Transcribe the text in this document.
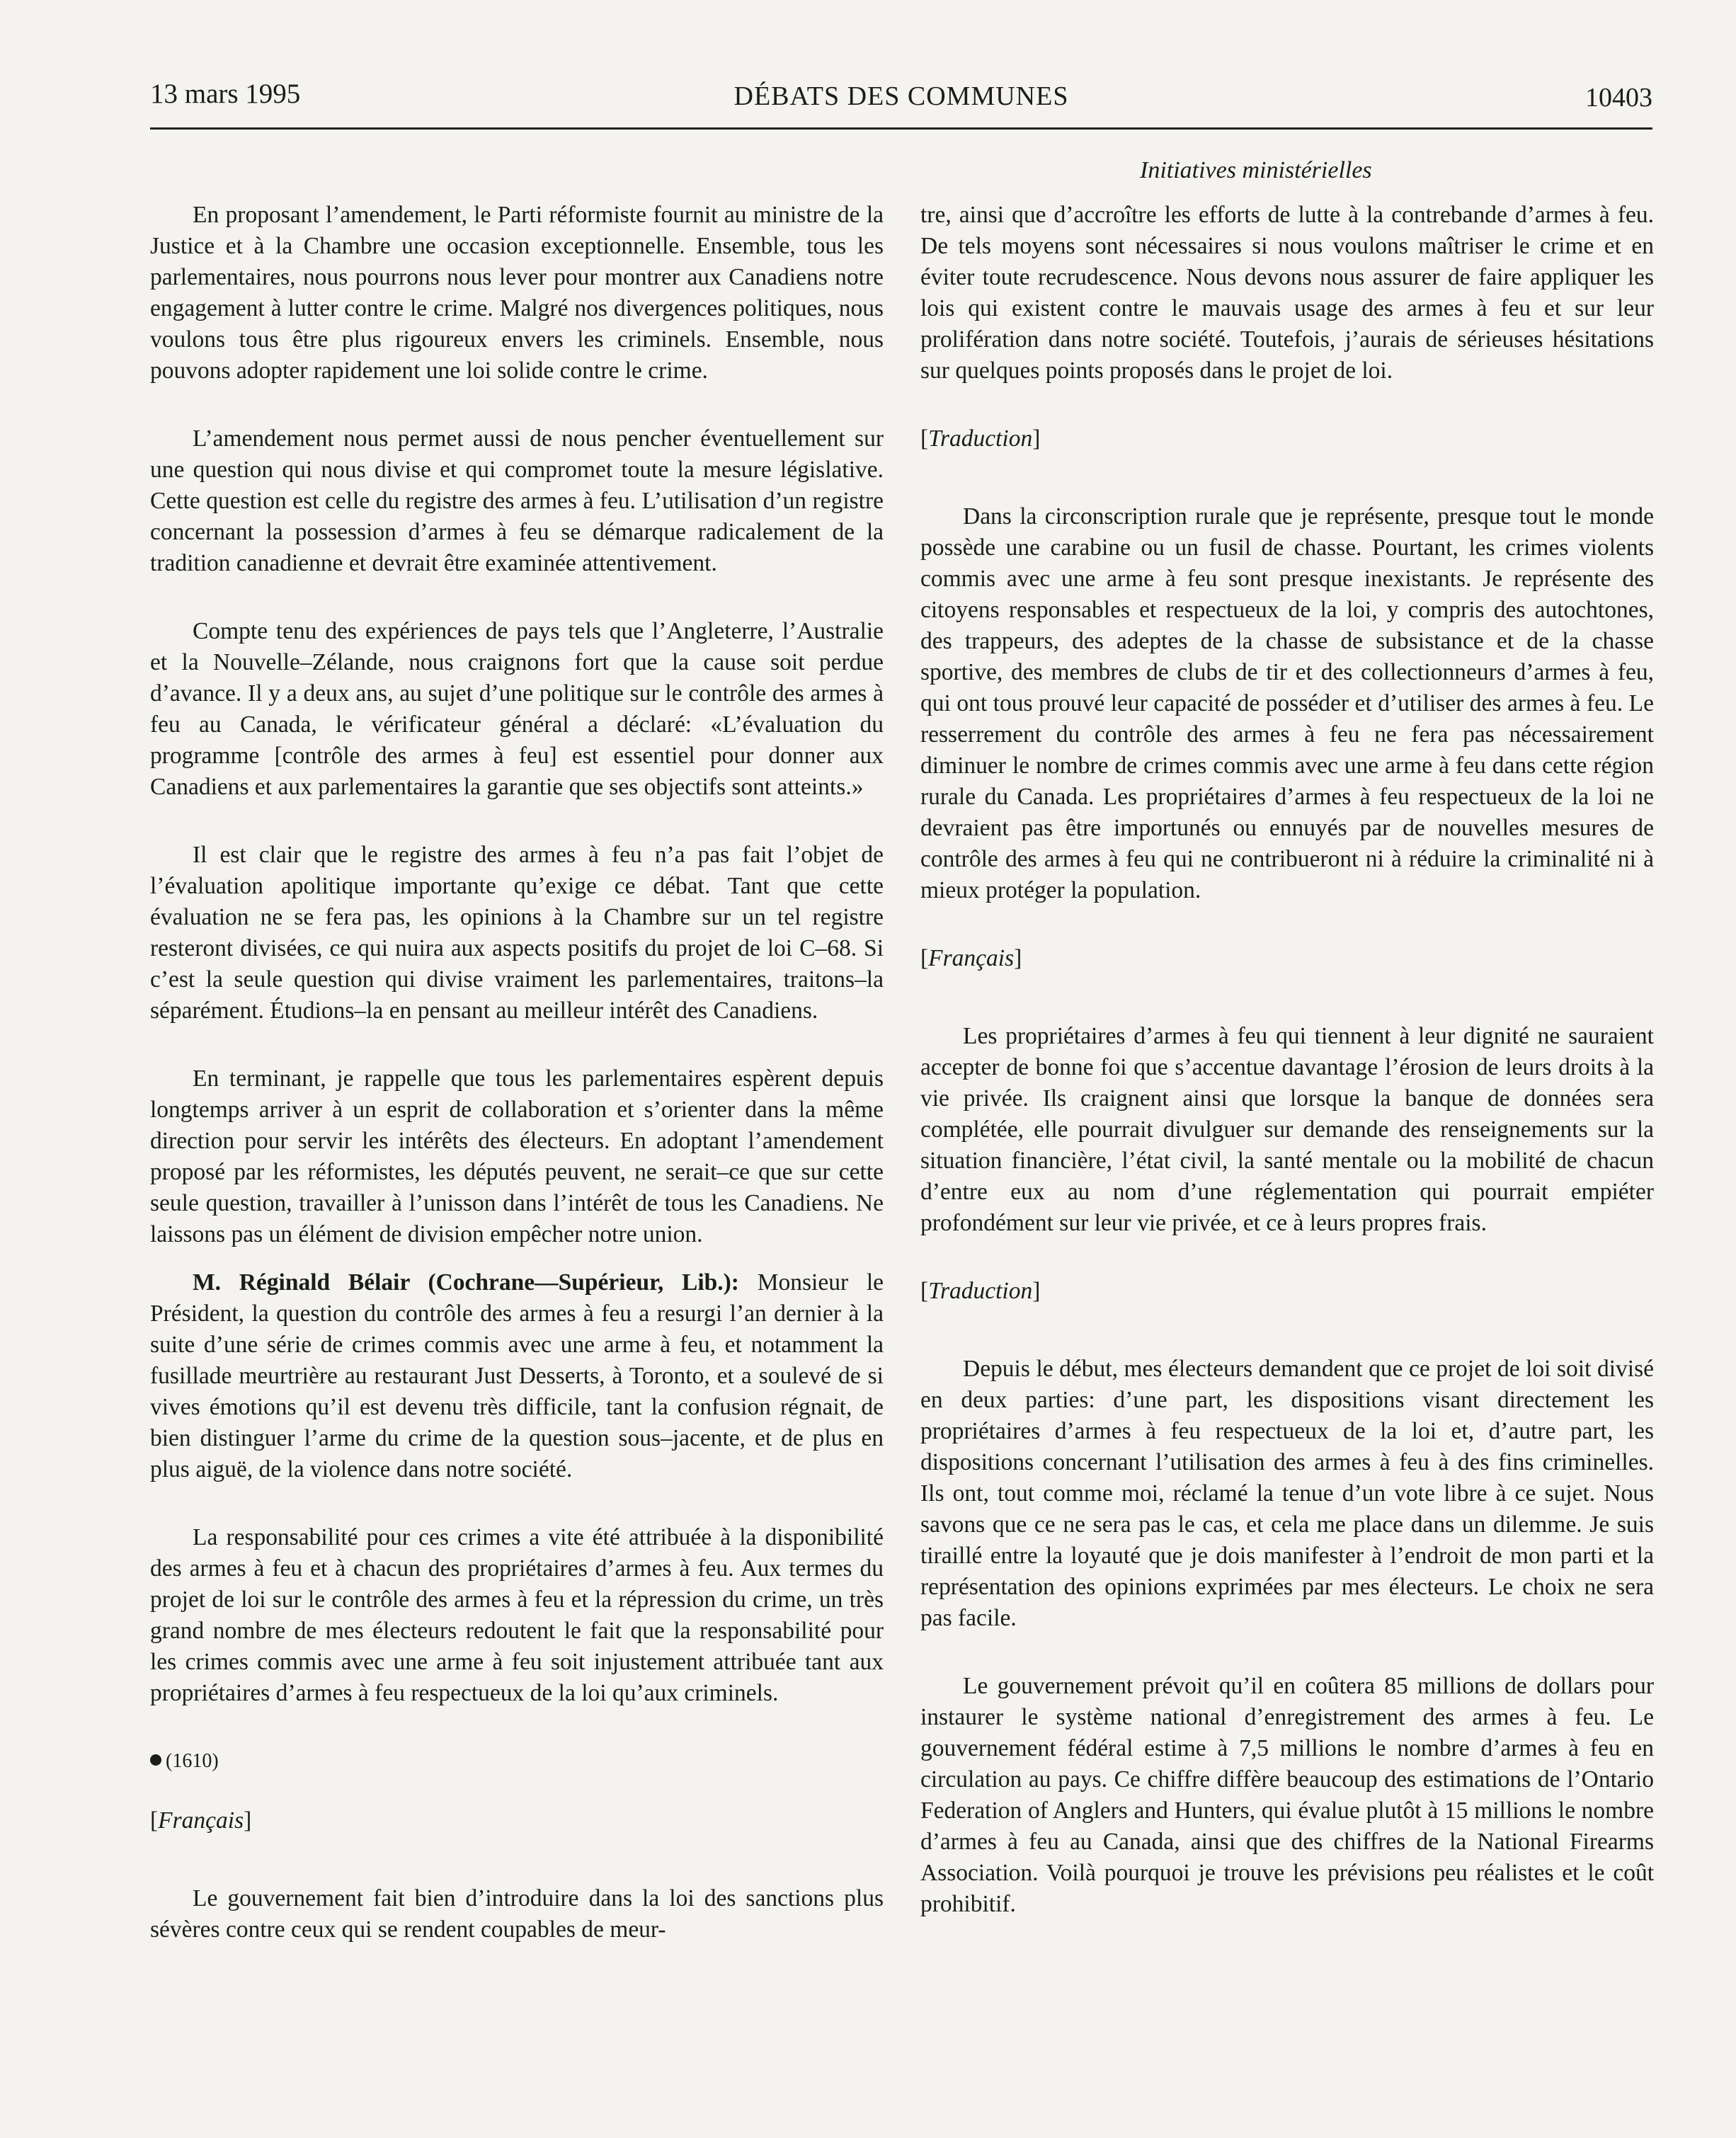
13 mars 1995	DÉBATS DES COMMUNES	10403
Initiatives ministérielles

En proposant l’amendement, le Parti réformiste fournit au ministre de la Justice et à la Chambre une occasion exceptionnelle. Ensemble, tous les parlementaires, nous pourrons nous lever pour montrer aux Canadiens notre engagement à lutter contre le crime. Malgré nos divergences politiques, nous voulons tous être plus rigoureux envers les criminels. Ensemble, nous pouvons adopter rapidement une loi solide contre le crime.

L’amendement nous permet aussi de nous pencher éventuellement sur une question qui nous divise et qui compromet toute la mesure législative. Cette question est celle du registre des armes à feu. L’utilisation d’un registre concernant la possession d’armes à feu se démarque radicalement de la tradition canadienne et devrait être examinée attentivement.

Compte tenu des expériences de pays tels que l’Angleterre, l’Australie et la Nouvelle–Zélande, nous craignons fort que la cause soit perdue d’avance. Il y a deux ans, au sujet d’une politique sur le contrôle des armes à feu au Canada, le vérificateur général a déclaré: «L’évaluation du programme [contrôle des armes à feu] est essentiel pour donner aux Canadiens et aux parlementaires la garantie que ses objectifs sont atteints.»

Il est clair que le registre des armes à feu n’a pas fait l’objet de l’évaluation apolitique importante qu’exige ce débat. Tant que cette évaluation ne se fera pas, les opinions à la Chambre sur un tel registre resteront divisées, ce qui nuira aux aspects positifs du projet de loi C–68. Si c’est la seule question qui divise vraiment les parlementaires, traitons–la séparément. Étudions–la en pensant au meilleur intérêt des Canadiens.

En terminant, je rappelle que tous les parlementaires espèrent depuis longtemps arriver à un esprit de collaboration et s’orienter dans la même direction pour servir les intérêts des électeurs. En adoptant l’amendement proposé par les réformistes, les députés peuvent, ne serait–ce que sur cette seule question, travailler à l’unisson dans l’intérêt de tous les Canadiens. Ne laissons pas un élément de division empêcher notre union.

M. Réginald Bélair (Cochrane—Supérieur, Lib.): Monsieur le Président, la question du contrôle des armes à feu a resurgi l’an dernier à la suite d’une série de crimes commis avec une arme à feu, et notamment la fusillade meurtrière au restaurant Just Desserts, à Toronto, et a soulevé de si vives émotions qu’il est devenu très difficile, tant la confusion régnait, de bien distinguer l’arme du crime de la question sous–jacente, et de plus en plus aiguë, de la violence dans notre société.

La responsabilité pour ces crimes a vite été attribuée à la disponibilité des armes à feu et à chacun des propriétaires d’armes à feu. Aux termes du projet de loi sur le contrôle des armes à feu et la répression du crime, un très grand nombre de mes électeurs redoutent le fait que la responsabilité pour les crimes commis avec une arme à feu soit injustement attribuée tant aux propriétaires d’armes à feu respectueux de la loi qu’aux criminels.

(1610)
[Français]

Le gouvernement fait bien d’introduire dans la loi des sanctions plus sévères contre ceux qui se rendent coupables de meur-

tre, ainsi que d’accroître les efforts de lutte à la contrebande d’armes à feu. De tels moyens sont nécessaires si nous voulons maîtriser le crime et en éviter toute recrudescence. Nous devons nous assurer de faire appliquer les lois qui existent contre le mauvais usage des armes à feu et sur leur prolifération dans notre société. Toutefois, j’aurais de sérieuses hésitations sur quelques points proposés dans le projet de loi.

[Traduction]

Dans la circonscription rurale que je représente, presque tout le monde possède une carabine ou un fusil de chasse. Pourtant, les crimes violents commis avec une arme à feu sont presque inexistants. Je représente des citoyens responsables et respectueux de la loi, y compris des autochtones, des trappeurs, des adeptes de la chasse de subsistance et de la chasse sportive, des membres de clubs de tir et des collectionneurs d’armes à feu, qui ont tous prouvé leur capacité de posséder et d’utiliser des armes à feu. Le resserrement du contrôle des armes à feu ne fera pas nécessairement diminuer le nombre de crimes commis avec une arme à feu dans cette région rurale du Canada. Les propriétaires d’armes à feu respectueux de la loi ne devraient pas être importunés ou ennuyés par de nouvelles mesures de contrôle des armes à feu qui ne contribueront ni à réduire la criminalité ni à mieux protéger la population.

[Français]

Les propriétaires d’armes à feu qui tiennent à leur dignité ne sauraient accepter de bonne foi que s’accentue davantage l’érosion de leurs droits à la vie privée. Ils craignent ainsi que lorsque la banque de données sera complétée, elle pourrait divulguer sur demande des renseignements sur la situation financière, l’état civil, la santé mentale ou la mobilité de chacun d’entre eux au nom d’une réglementation qui pourrait empiéter profondément sur leur vie privée, et ce à leurs propres frais.

[Traduction]

Depuis le début, mes électeurs demandent que ce projet de loi soit divisé en deux parties: d’une part, les dispositions visant directement les propriétaires d’armes à feu respectueux de la loi et, d’autre part, les dispositions concernant l’utilisation des armes à feu à des fins criminelles. Ils ont, tout comme moi, réclamé la tenue d’un vote libre à ce sujet. Nous savons que ce ne sera pas le cas, et cela me place dans un dilemme. Je suis tiraillé entre la loyauté que je dois manifester à l’endroit de mon parti et la représentation des opinions exprimées par mes électeurs. Le choix ne sera pas facile.

Le gouvernement prévoit qu’il en coûtera 85 millions de dollars pour instaurer le système national d’enregistrement des armes à feu. Le gouvernement fédéral estime à 7,5 millions le nombre d’armes à feu en circulation au pays. Ce chiffre diffère beaucoup des estimations de l’Ontario Federation of Anglers and Hunters, qui évalue plutôt à 15 millions le nombre d’armes à feu au Canada, ainsi que des chiffres de la National Firearms Association. Voilà pourquoi je trouve les prévisions peu réalistes et le coût prohibitif.
